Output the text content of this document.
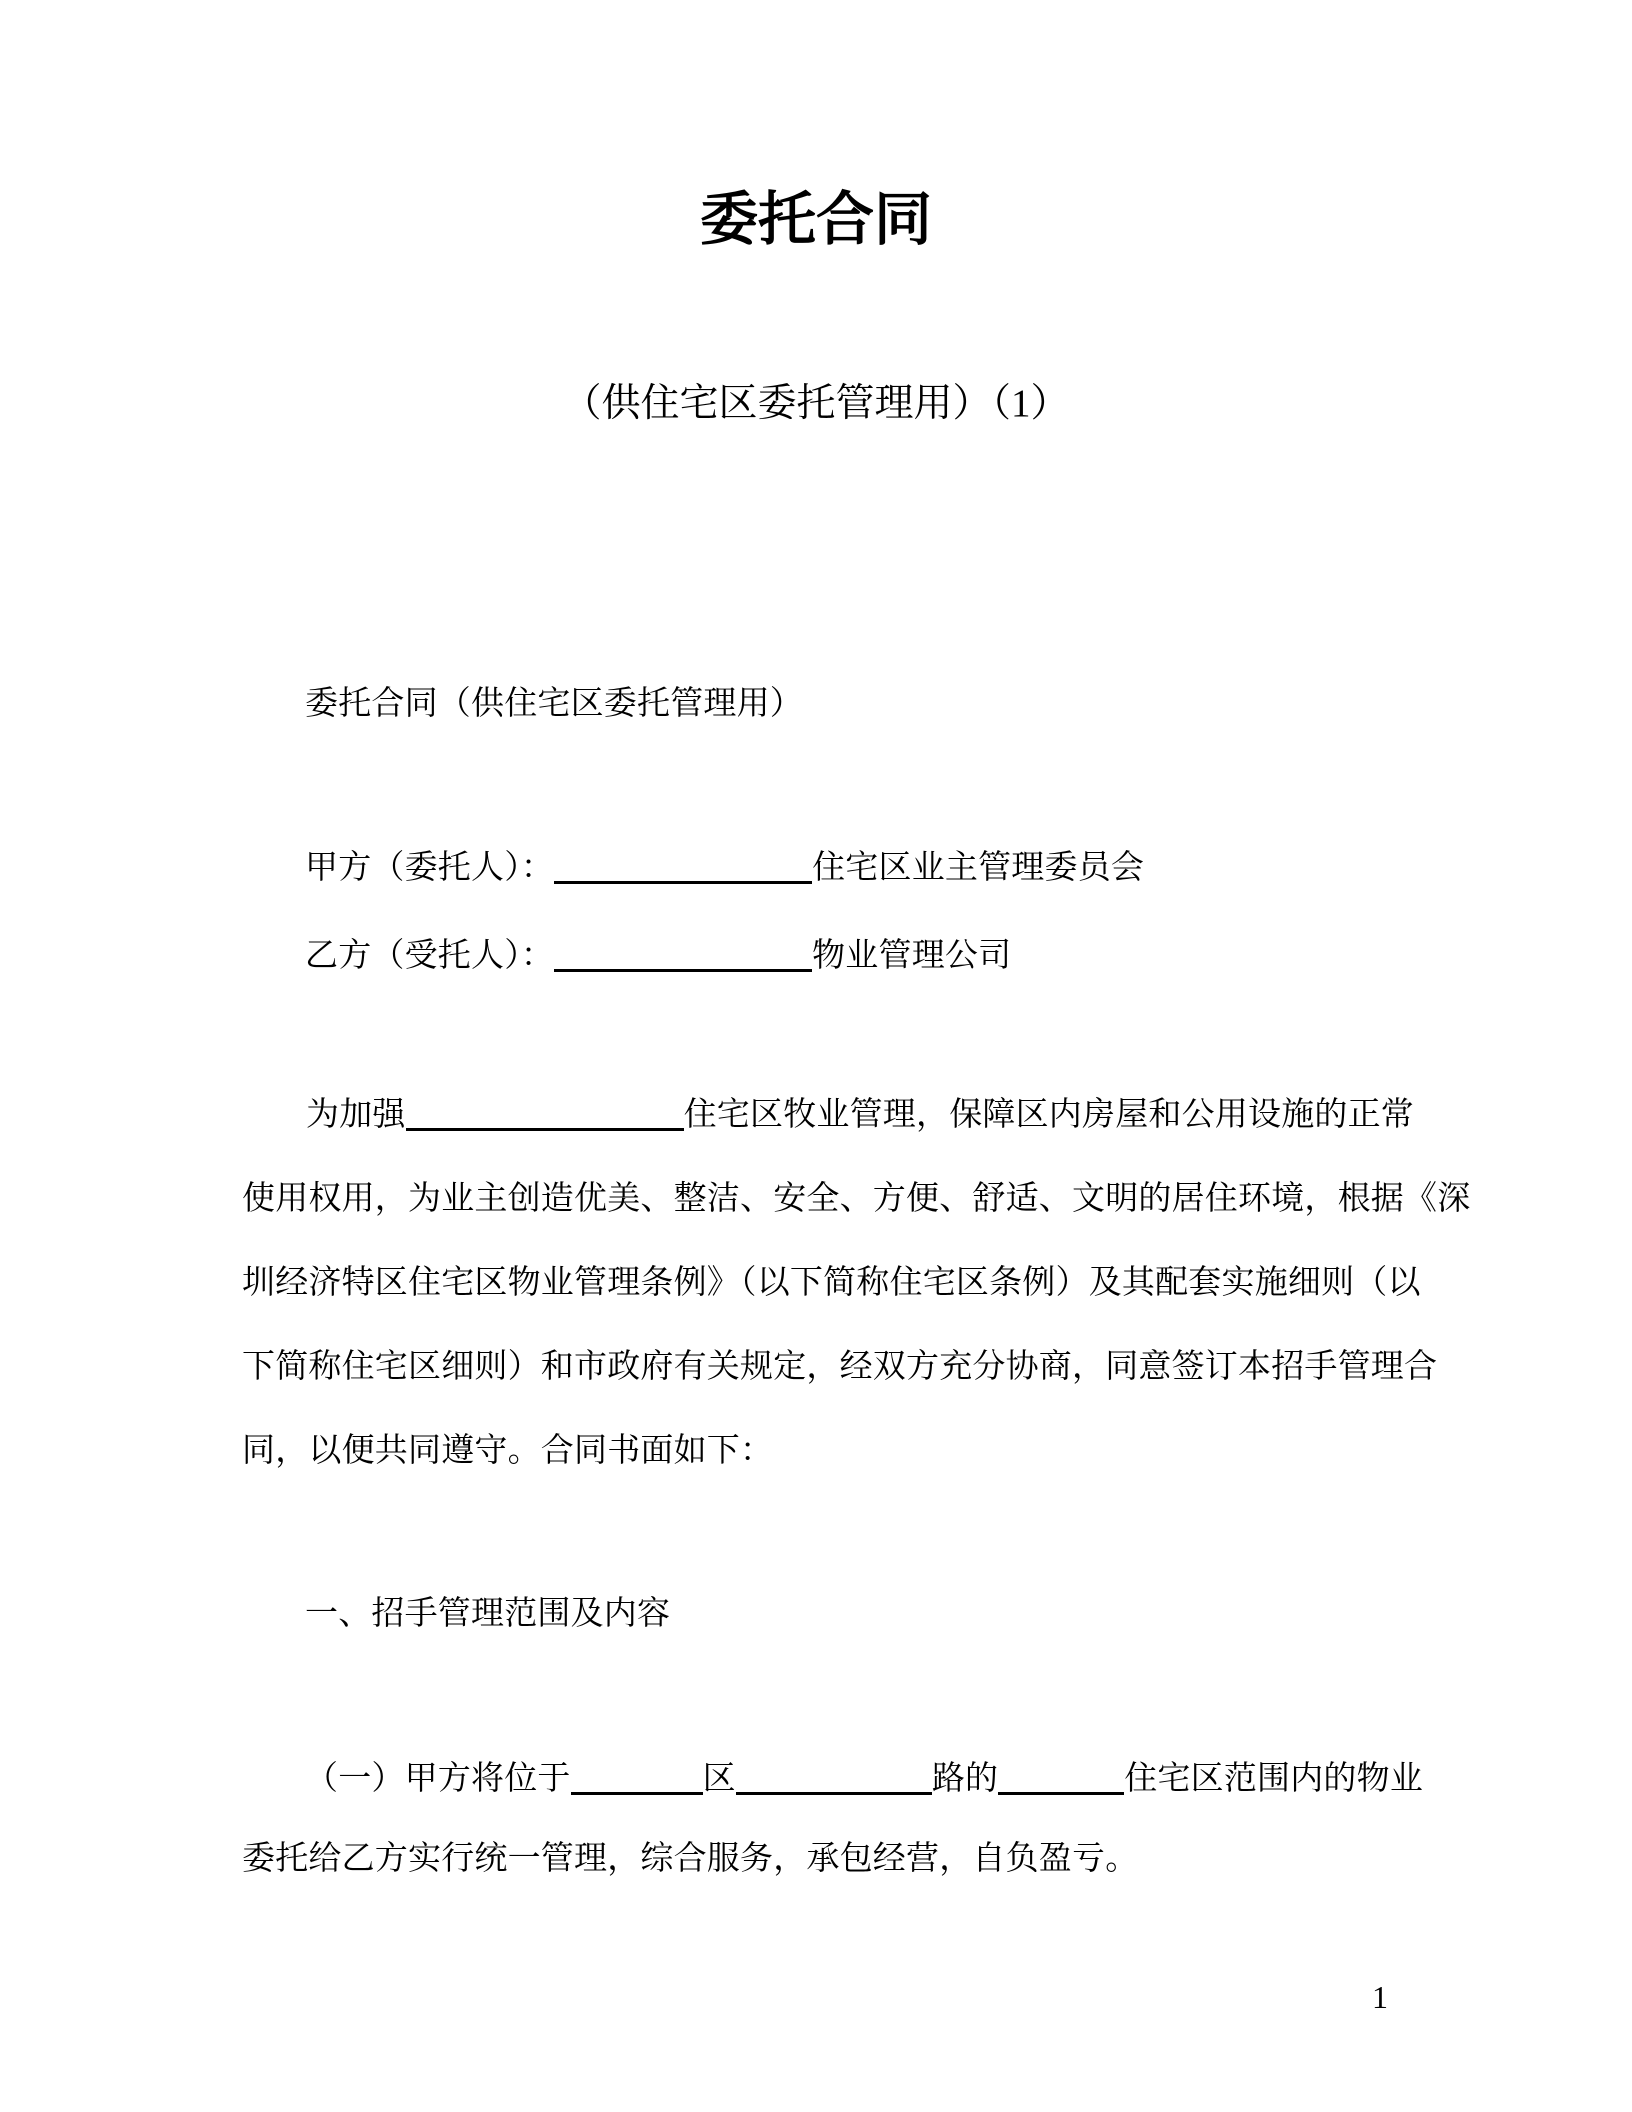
委托合同
（供住宅区委托管理用）（1）
委托合同（供住宅区委托管理用）
甲方（委托人）：	住宅区业主管理委员会
乙方（受托人）：	物业管理公司
为加强	住宅区牧业管理，保障区内房屋和公用设施的正常
使用权用，为业主创造优美、整洁、安全、方便、舒适、文明的居住环境，根据《深
圳经济特区住宅区物业管理条例》（以下简称住宅区条例）及其配套实施细则（以
下简称住宅区细则）和市政府有关规定，经双方充分协商，同意签订本招手管理合
同，以便共同遵守。合同书面如下：
一、招手管理范围及内容
（一）甲方将位于	区	路的	住宅区范围内的物业
委托给乙方实行统一管理，综合服务，承包经营，自负盈亏。
1
